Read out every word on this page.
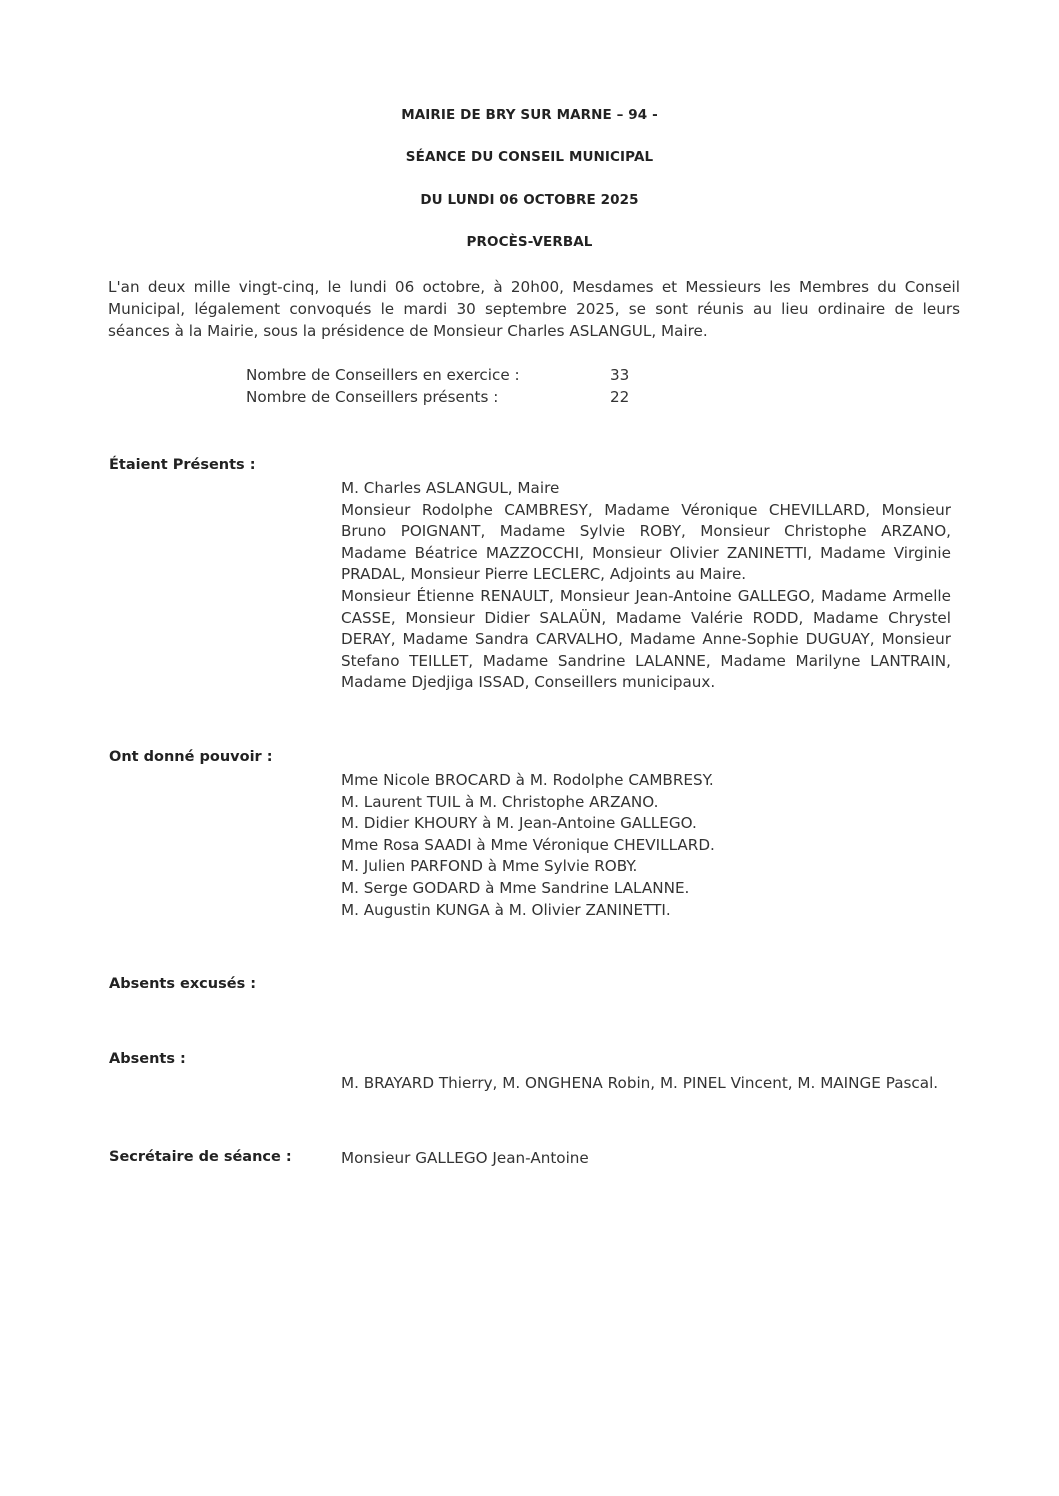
MAIRIE DE BRY SUR MARNE – 94 -
SÉANCE DU CONSEIL MUNICIPAL
DU LUNDI 06 OCTOBRE 2025
PROCÈS-VERBAL
L'an deux mille vingt-cinq, le lundi 06 octobre, à 20h00, Mesdames et Messieurs les Membres du Conseil Municipal, légalement convoqués le mardi 30 septembre 2025, se sont réunis au lieu ordinaire de leurs séances à la Mairie, sous la présidence de Monsieur Charles ASLANGUL, Maire.
Nombre de Conseillers en exercice :	33
Nombre de Conseillers présents :	22
Étaient Présents :
M. Charles ASLANGUL, Maire
Monsieur Rodolphe CAMBRESY, Madame Véronique CHEVILLARD, Monsieur Bruno POIGNANT, Madame Sylvie ROBY, Monsieur Christophe ARZANO, Madame Béatrice MAZZOCCHI, Monsieur Olivier ZANINETTI, Madame Virginie PRADAL, Monsieur Pierre LECLERC, Adjoints au Maire.
Monsieur Étienne RENAULT, Monsieur Jean-Antoine GALLEGO, Madame Armelle CASSE, Monsieur Didier SALAÜN, Madame Valérie RODD, Madame Chrystel DERAY, Madame Sandra CARVALHO, Madame Anne-Sophie DUGUAY, Monsieur Stefano TEILLET, Madame Sandrine LALANNE, Madame Marilyne LANTRAIN, Madame Djedjiga ISSAD, Conseillers municipaux.
Ont donné pouvoir :
Mme Nicole BROCARD à M. Rodolphe CAMBRESY.
M. Laurent TUIL à M. Christophe ARZANO.
M. Didier KHOURY à M. Jean-Antoine GALLEGO.
Mme Rosa SAADI à Mme Véronique CHEVILLARD.
M. Julien PARFOND à Mme Sylvie ROBY.
M. Serge GODARD à Mme Sandrine LALANNE.
M. Augustin KUNGA à M. Olivier ZANINETTI.
Absents excusés :
Absents :
M. BRAYARD Thierry, M. ONGHENA Robin, M. PINEL Vincent, M. MAINGE Pascal.
Secrétaire de séance :	Monsieur GALLEGO Jean-Antoine
